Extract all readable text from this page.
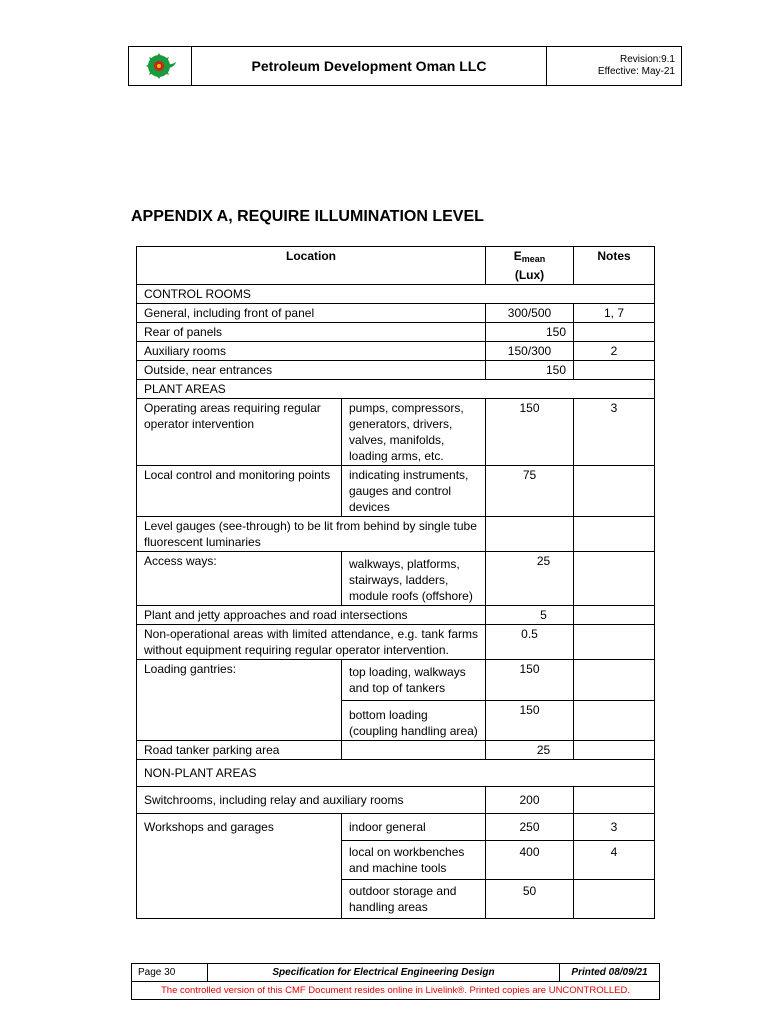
Petroleum Development Oman LLC	Revision:9.1
Effective: May-21
APPENDIX A, REQUIRE ILLUMINATION LEVEL
Location		$E_{mean}$
(Lux)	Notes
CONTROL ROOMS			
General, including front of panel		300/500	1, 7
Rear of panels		150	
Auxiliary rooms		150/300	2
Outside, near entrances		150	
PLANT AREAS			
Operating areas requiring regular operator intervention	pumps, compressors, generators, drivers, valves, manifolds, loading arms, etc.	150	3
Local control and monitoring points	indicating instruments, gauges and control devices	75	
Level gauges (see-through) to be lit from behind by single tube fluorescent luminaries			
Access ways:	walkways, platforms, stairways, ladders, module roofs (offshore)	25	

Plant and jetty approaches and road intersections		5	

Non-operational areas with limited attendance, e.g. tank farms without equipment requiring regular operator intervention.		0.5	
Loading gantries:	top loading, walkways and top of tankers	150	
	bottom loading (coupling handling area)	150	
Road tanker parking area		25	

NON-PLANT AREAS			
Switchrooms, including relay and auxiliary rooms		200	
Workshops and garages	indoor general	250	3
	local on workbenches and machine tools	400	4
	outdoor storage and handling areas	50	
Page 30	Specification for Electrical Engineering Design	Printed 08/09/21
The controlled version of this CMF Document resides online in Livelink®. Printed copies are UNCONTROLLED.
